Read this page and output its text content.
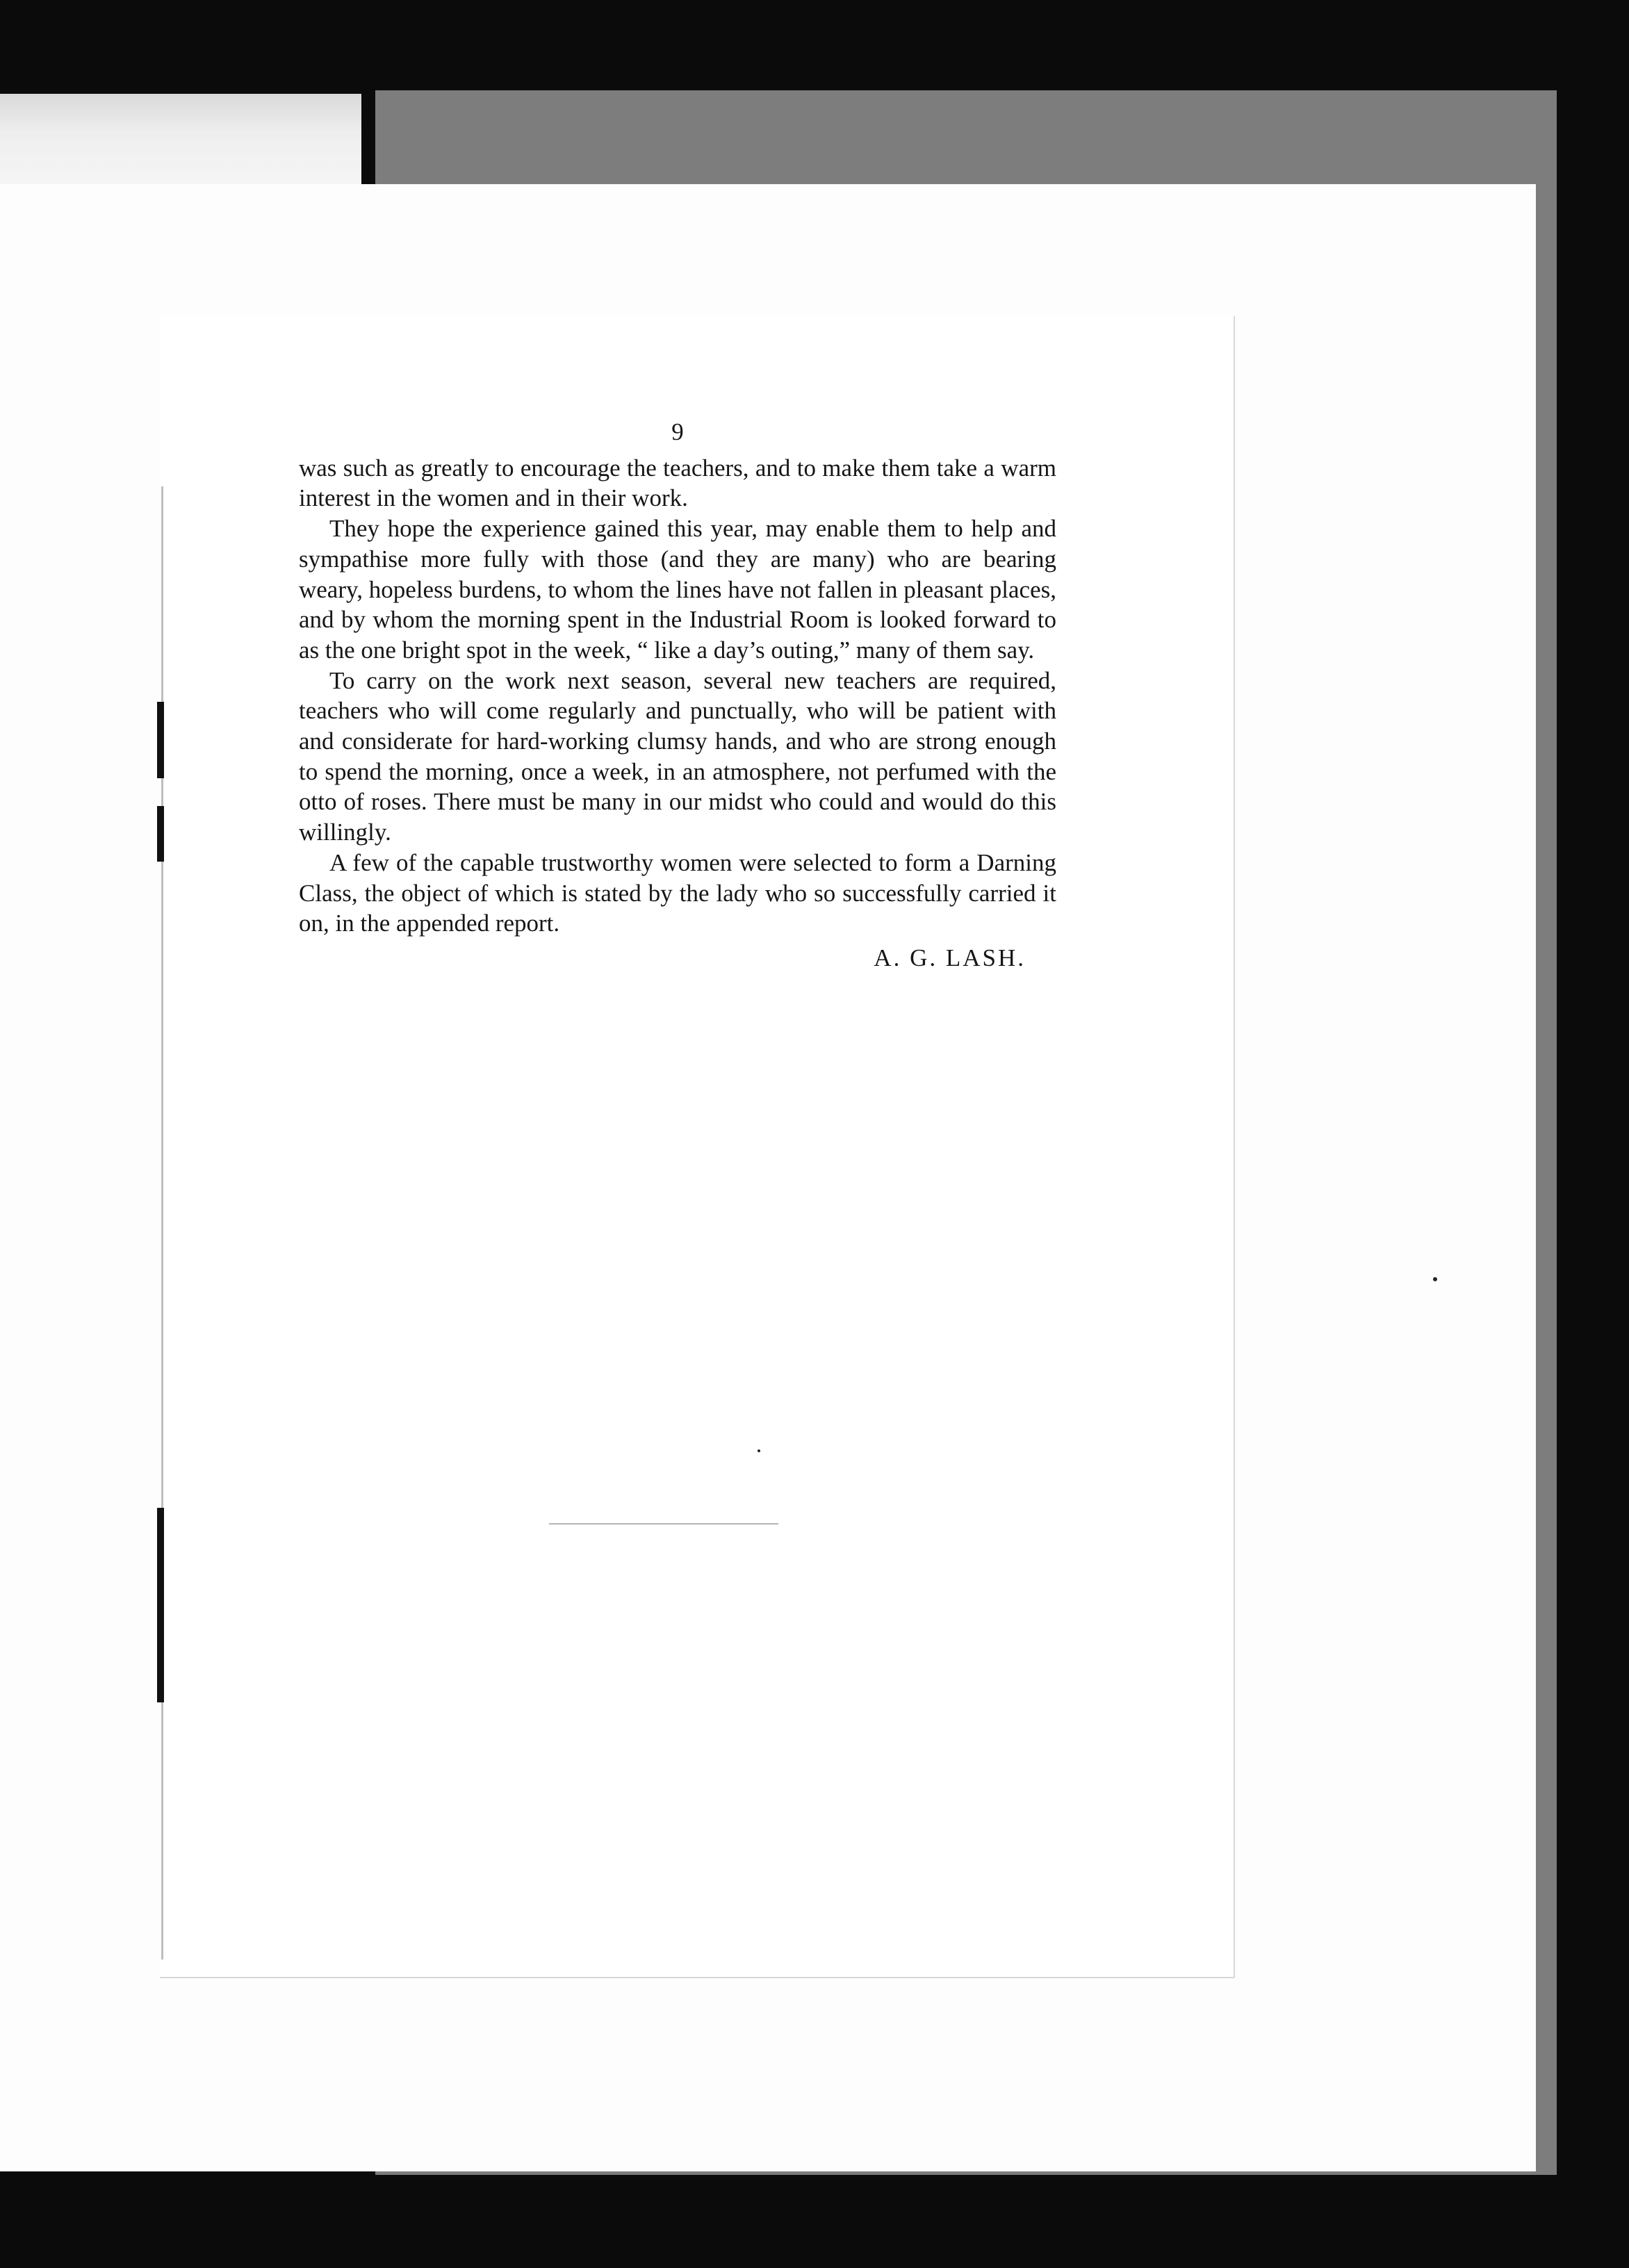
9

was such as greatly to encourage the teachers, and to make them take a warm interest in the women and in their work.

They hope the experience gained this year, may enable them to help and sympathise more fully with those (and they are many) who are bearing weary, hopeless burdens, to whom the lines have not fallen in pleasant places, and by whom the morning spent in the Industrial Room is looked forward to as the one bright spot in the week, “ like a day’s outing,” many of them say.

To carry on the work next season, several new teachers are required, teachers who will come regularly and punctually, who will be patient with and considerate for hard-working clumsy hands, and who are strong enough to spend the morning, once a week, in an atmosphere, not perfumed with the otto of roses. There must be many in our midst who could and would do this willingly.

A few of the capable trustworthy women were selected to form a Darning Class, the object of which is stated by the lady who so successfully carried it on, in the appended report.

A. G. LASH.
